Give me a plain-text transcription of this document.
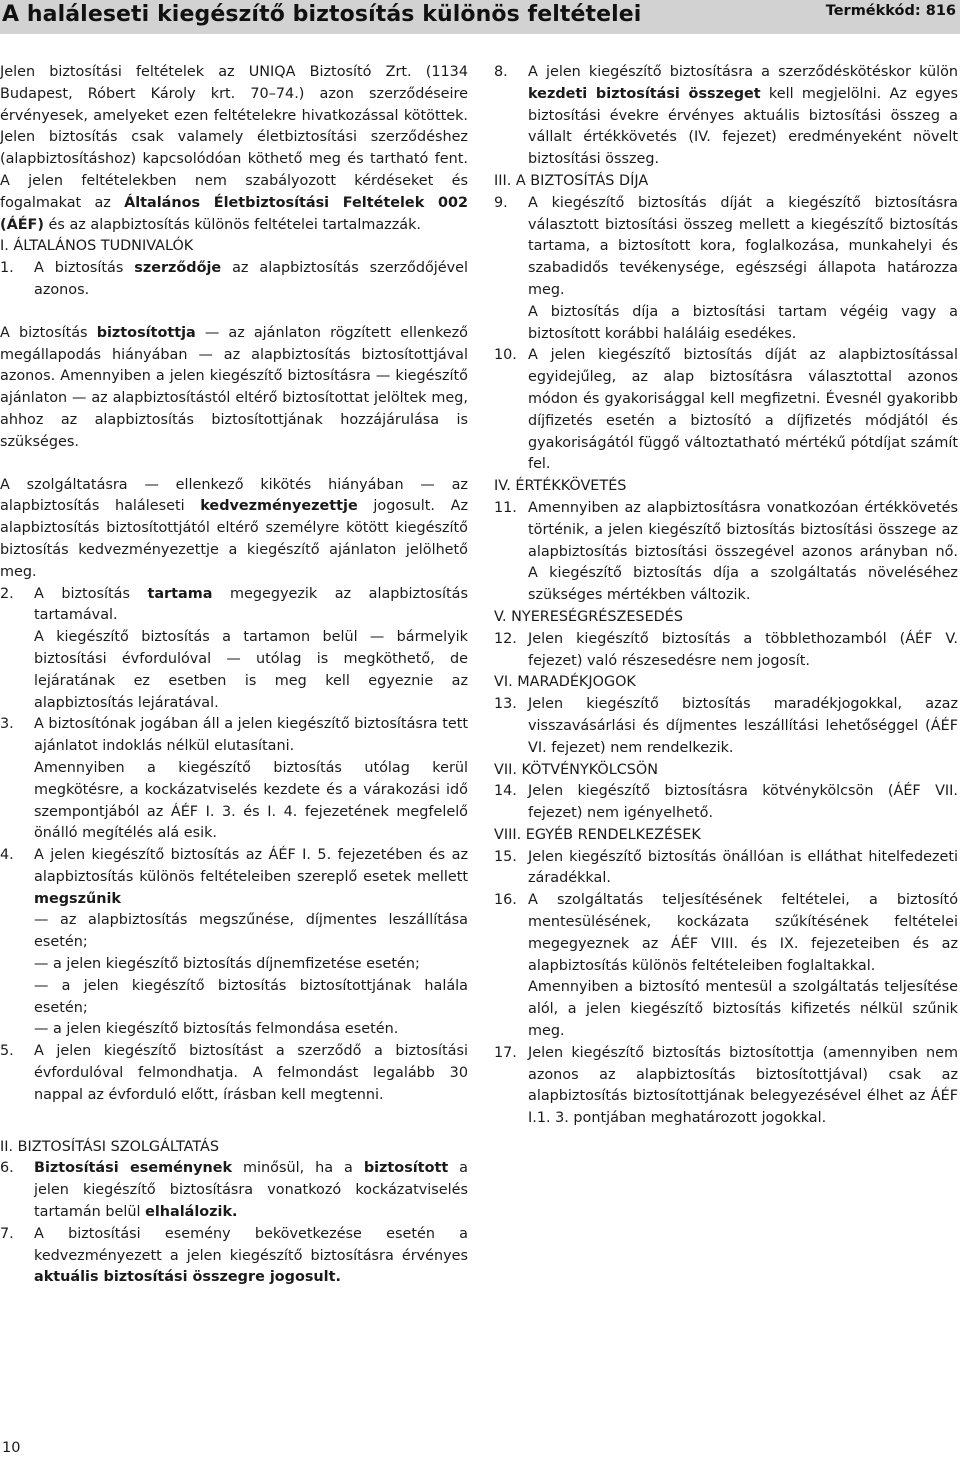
A haláleseti kiegészítő biztosítás különös feltételei	Termékkód: 816

Jelen biztosítási feltételek az UNIQA Biztosító Zrt. (1134 Budapest, Róbert Károly krt. 70–74.) azon szerződéseire érvényesek, amelyeket ezen feltételekre hivatkozással kötöttek. Jelen biztosítás csak valamely életbiztosítási szerződéshez (alapbiztosításhoz) kapcsolódóan köthető meg és tartható fent. A jelen feltételekben nem szabályozott kérdéseket és fogalmakat az Általános Életbiztosítási Feltételek 002 (ÁÉF) és az alapbiztosítás különös feltételei tartalmazzák.

I. ÁLTALÁNOS TUDNIVALÓK

1. A biztosítás szerződője az alapbiztosítás szerződőjével azonos.

A biztosítás biztosítottja — az ajánlaton rögzített ellenkező megállapodás hiányában — az alapbiztosítás biztosítottjával azonos. Amennyiben a jelen kiegészítő biztosításra — kiegészítő ajánlaton — az alapbiztosítástól eltérő biztosítottat jelöltek meg, ahhoz az alapbiztosítás biztosítottjának hozzájárulása is szükséges.

A szolgáltatásra — ellenkező kikötés hiányában — az alapbiztosítás haláleseti kedvezményezettje jogosult. Az alapbiztosítás biztosítottjától eltérő személyre kötött kiegészítő biztosítás kedvezményezettje a kiegészítő ajánlaton jelölhető meg.

2. A biztosítás tartama megegyezik az alapbiztosítás tartamával.

A kiegészítő biztosítás a tartamon belül — bármelyik biztosítási évfordulóval — utólag is megköthető, de lejáratának ez esetben is meg kell egyeznie az alapbiztosítás lejáratával.

3. A biztosítónak jogában áll a jelen kiegészítő biztosításra tett ajánlatot indoklás nélkül elutasítani.

Amennyiben a kiegészítő biztosítás utólag kerül megkötésre, a kockázatviselés kezdete és a várakozási idő szempontjából az ÁÉF I. 3. és I. 4. fejezetének megfelelő önálló megítélés alá esik.

4. A jelen kiegészítő biztosítás az ÁÉF I. 5. fejezetében és az alapbiztosítás különös feltételeiben szereplő esetek mellett megszűnik

— az alapbiztosítás megszűnése, díjmentes leszállítása esetén;

— a jelen kiegészítő biztosítás díjnemfizetése esetén;

— a jelen kiegészítő biztosítás biztosítottjának halála esetén;

— a jelen kiegészítő biztosítás felmondása esetén.

5. A jelen kiegészítő biztosítást a szerződő a biztosítási évfordulóval felmondhatja. A felmondást legalább 30 nappal az évforduló előtt, írásban kell megtenni.

II. BIZTOSÍTÁSI SZOLGÁLTATÁS

6. Biztosítási eseménynek minősül, ha a biztosított a jelen kiegészítő biztosításra vonatkozó kockázatviselés tartamán belül elhalálozik.
7. A biztosítási esemény bekövetkezése esetén a kedvezményezett a jelen kiegészítő biztosításra érvényes aktuális biztosítási összegre jogosult.
8. A jelen kiegészítő biztosításra a szerződéskötéskor külön kezdeti biztosítási összeget kell megjelölni. Az egyes biztosítási évekre érvényes aktuális biztosítási összeg a vállalt értékkövetés (IV. fejezet) eredményeként növelt biztosítási összeg.

III. A BIZTOSÍTÁS DÍJA

9. A kiegészítő biztosítás díját a kiegészítő biztosításra választott biztosítási összeg mellett a kiegészítő biztosítás tartama, a biztosított kora, foglalkozása, munkahelyi és szabadidős tevékenysége, egészségi állapota határozza meg.

A biztosítás díja a biztosítási tartam végéig vagy a biztosított korábbi haláláig esedékes.

10. A jelen kiegészítő biztosítás díját az alapbiztosítással egyidejűleg, az alap biztosításra választottal azonos módon és gyakorisággal kell megfizetni. Évesnél gyakoribb díjfizetés esetén a biztosító a díjfizetés módjától és gyakoriságától függő változtatható mértékű pótdíjat számít fel.

IV. ÉRTÉKKÖVETÉS

11. Amennyiben az alapbiztosításra vonatkozóan értékkövetés történik, a jelen kiegészítő biztosítás biztosítási összege az alapbiztosítás biztosítási összegével azonos arányban nő. A kiegészítő biztosítás díja a szolgáltatás növeléséhez szükséges mértékben változik.

V. NYERESÉGRÉSZESEDÉS

12. Jelen kiegészítő biztosítás a többlethozamból (ÁÉF V. fejezet) való részesedésre nem jogosít.

VI. MARADÉKJOGOK

13. Jelen kiegészítő biztosítás maradékjogokkal, azaz visszavásárlási és díjmentes leszállítási lehetőséggel (ÁÉF VI. fejezet) nem rendelkezik.

VII. KÖTVÉNYKÖLCSÖN

14. Jelen kiegészítő biztosításra kötvénykölcsön (ÁÉF VII. fejezet) nem igényelhető.

VIII. EGYÉB RENDELKEZÉSEK

15. Jelen kiegészítő biztosítás önállóan is elláthat hitelfedezeti záradékkal.
16. A szolgáltatás teljesítésének feltételei, a biztosító mentesülésének, kockázata szűkítésének feltételei megegyeznek az ÁÉF VIII. és IX. fejezeteiben és az alapbiztosítás különös feltételeiben foglaltakkal.

Amennyiben a biztosító mentesül a szolgáltatás teljesítése alól, a jelen kiegészítő biztosítás kifizetés nélkül szűnik meg.

17. Jelen kiegészítő biztosítás biztosítottja (amennyiben nem azonos az alapbiztosítás biztosítottjával) csak az alapbiztosítás biztosítottjának belegyezésével élhet az ÁÉF I.1. 3. pontjában meghatározott jogokkal.
10
